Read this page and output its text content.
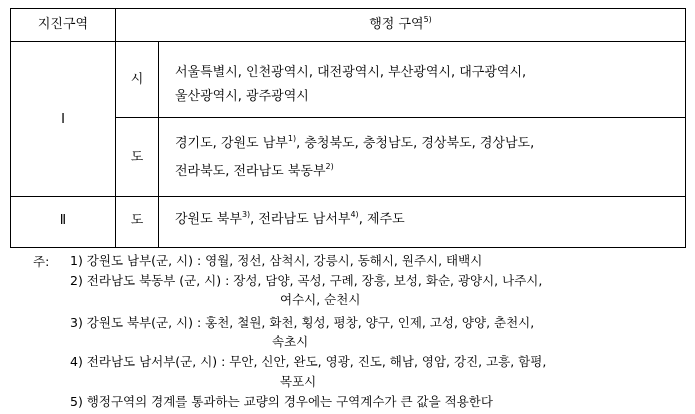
지진구역	행정 구역$^{5)}$
Ⅰ
Ⅱ
시
도
도
서울특별시, 인천광역시, 대전광역시, 부산광역시, 대구광역시,
울산광역시, 광주광역시
경기도, 강원도 남부$^{1)}$, 충청북도, 충청남도, 경상북도, 경상남도,
전라북도, 전라남도 북동부$^{2)}$
강원도 북부$^{3)}$, 전라남도 남서부$^{4)}$, 제주도
주: 1) 강원도 남부(군, 시) : 영월, 정선, 삼척시, 강릉시, 동해시, 원주시, 태백시
2) 전라남도 북동부 (군, 시) : 장성, 담양, 곡성, 구례, 장흥, 보성, 화순, 광양시, 나주시,
여수시, 순천시
3) 강원도 북부(군, 시) : 홍천, 철원, 화천, 횡성, 평창, 양구, 인제, 고성, 양양, 춘천시,
속초시
4) 전라남도 남서부(군, 시) : 무안, 신안, 완도, 영광, 진도, 해남, 영암, 강진, 고흥, 함평,
목포시
5) 행정구역의 경계를 통과하는 교량의 경우에는 구역계수가 큰 값을 적용한다
